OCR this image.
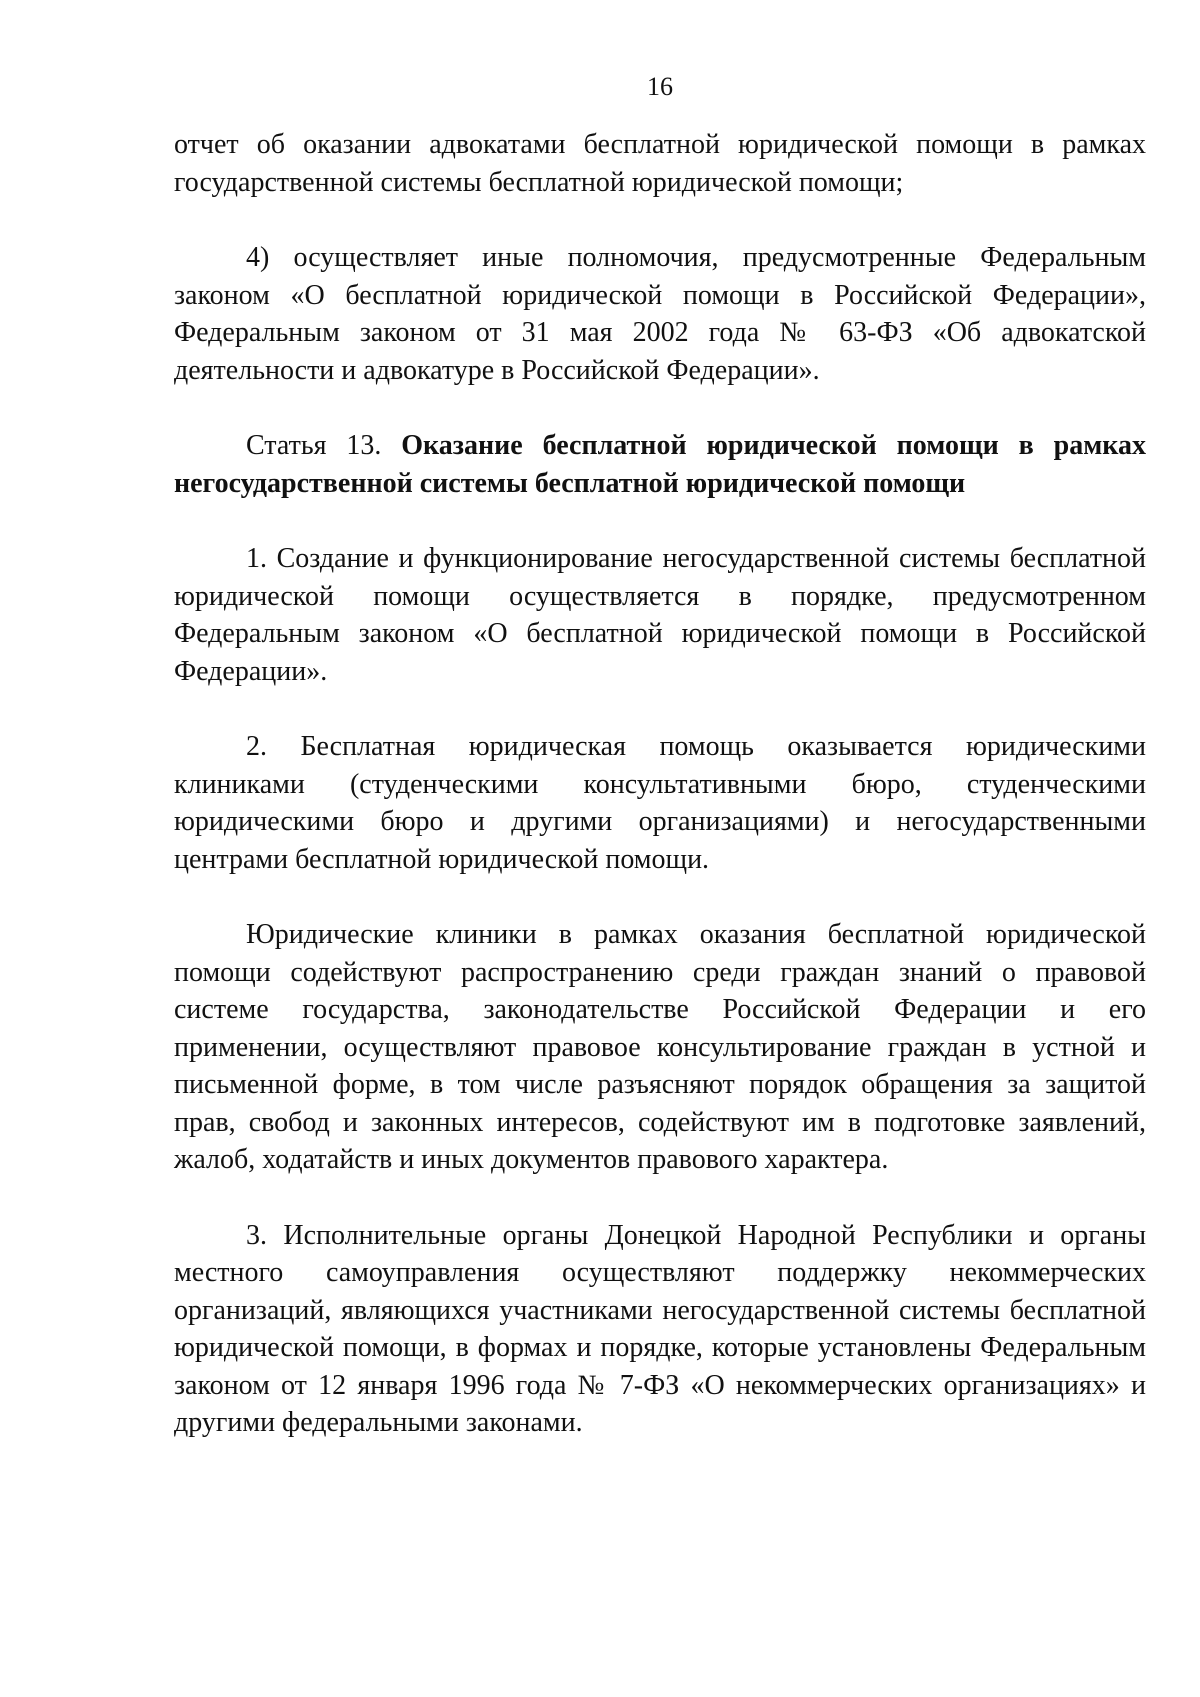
16

отчет об оказании адвокатами бесплатной юридической помощи в рамках государственной системы бесплатной юридической помощи;

4) осуществляет иные полномочия, предусмотренные Федеральным законом «О бесплатной юридической помощи в Российской Федерации», Федеральным законом от 31 мая 2002 года № 63-ФЗ «Об адвокатской деятельности и адвокатуре в Российской Федерации».

Статья 13. Оказание бесплатной юридической помощи в рамках негосударственной системы бесплатной юридической помощи

1. Создание и функционирование негосударственной системы бесплатной юридической помощи осуществляется в порядке, предусмотренном Федеральным законом «О бесплатной юридической помощи в Российской Федерации».

2. Бесплатная юридическая помощь оказывается юридическими клиниками (студенческими консультативными бюро, студенческими юридическими бюро и другими организациями) и негосударственными центрами бесплатной юридической помощи.

Юридические клиники в рамках оказания бесплатной юридической помощи содействуют распространению среди граждан знаний о правовой системе государства, законодательстве Российской Федерации и его применении, осуществляют правовое консультирование граждан в устной и письменной форме, в том числе разъясняют порядок обращения за защитой прав, свобод и законных интересов, содействуют им в подготовке заявлений, жалоб, ходатайств и иных документов правового характера.

3. Исполнительные органы Донецкой Народной Республики и органы местного самоуправления осуществляют поддержку некоммерческих организаций, являющихся участниками негосударственной системы бесплатной юридической помощи, в формах и порядке, которые установлены Федеральным законом от 12 января 1996 года № 7-ФЗ «О некоммерческих организациях» и другими федеральными законами.
